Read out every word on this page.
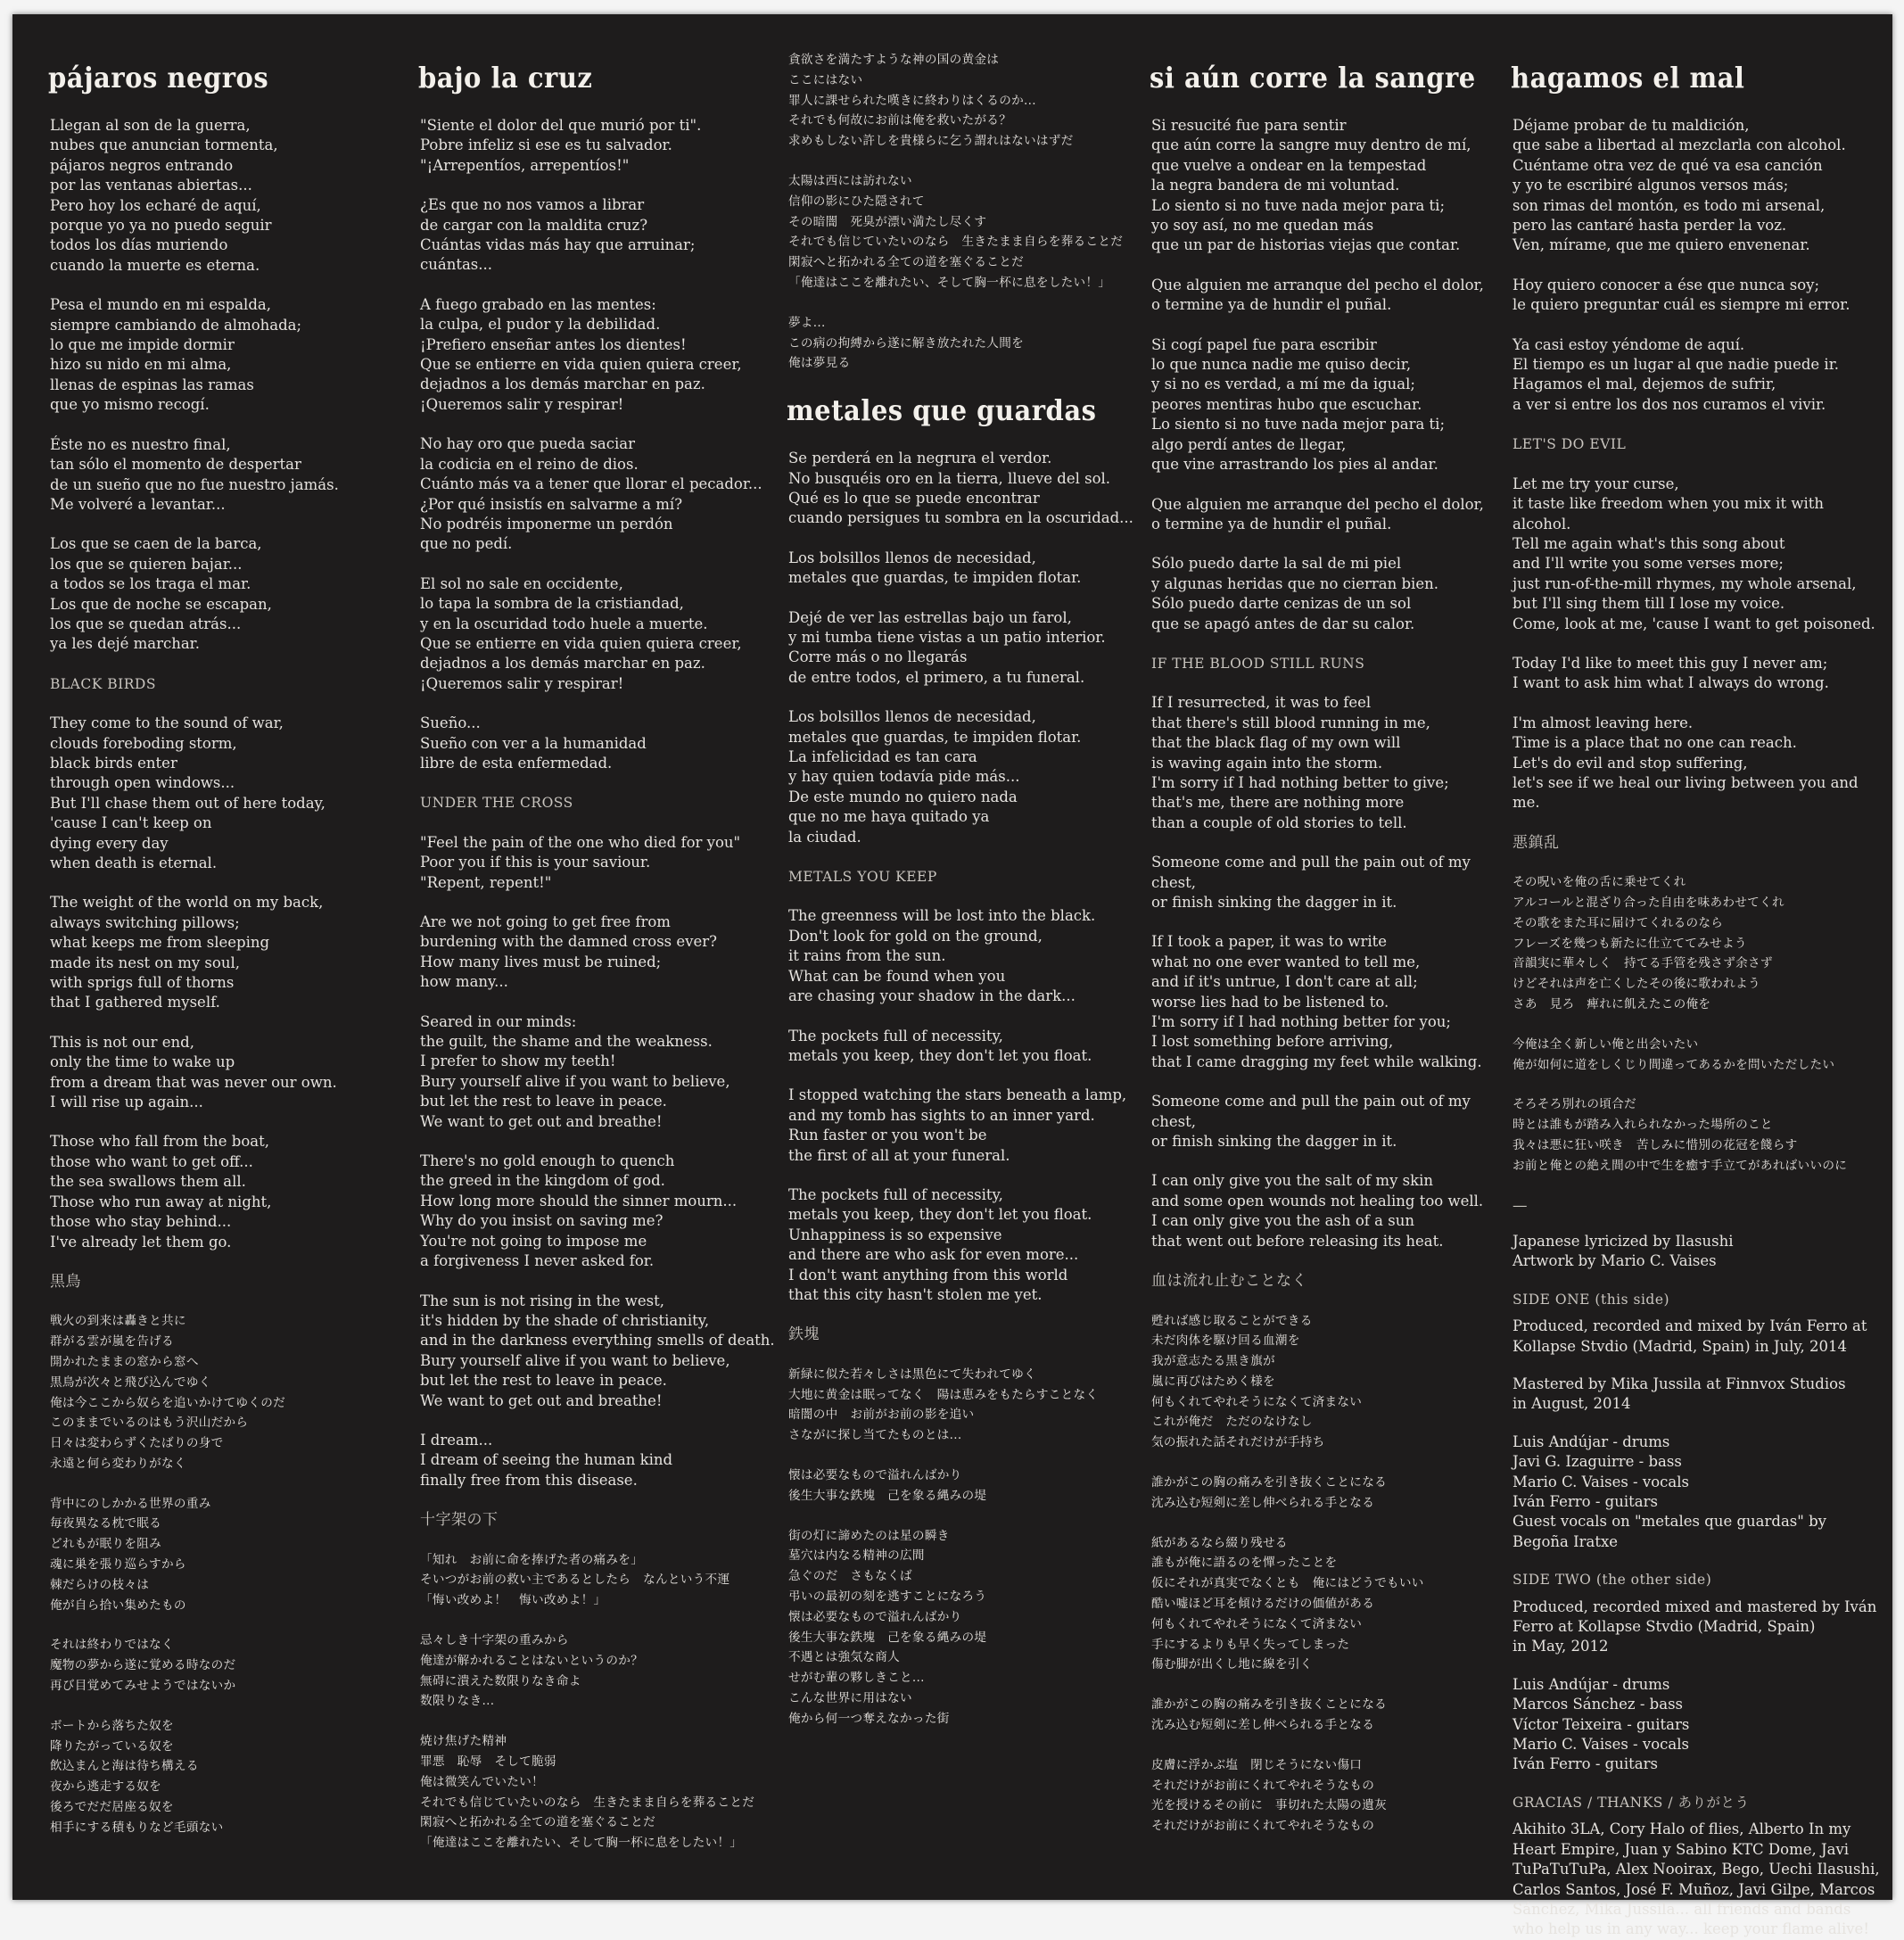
pájaros negros
Llegan al son de la guerra,
nubes que anuncian tormenta,
pájaros negros entrando
por las ventanas abiertas...
Pero hoy los echaré de aquí,
porque yo ya no puedo seguir
todos los días muriendo
cuando la muerte es eterna.
Pesa el mundo en mi espalda,
siempre cambiando de almohada;
lo que me impide dormir
hizo su nido en mi alma,
llenas de espinas las ramas
que yo mismo recogí.
Éste no es nuestro final,
tan sólo el momento de despertar
de un sueño que no fue nuestro jamás.
Me volveré a levantar...
Los que se caen de la barca,
los que se quieren bajar...
a todos se los traga el mar.
Los que de noche se escapan,
los que se quedan atrás...
ya les dejé marchar.
BLACK BIRDS
They come to the sound of war,
clouds foreboding storm,
black birds enter
through open windows...
But I'll chase them out of here today,
'cause I can't keep on
dying every day
when death is eternal.
The weight of the world on my back,
always switching pillows;
what keeps me from sleeping
made its nest on my soul,
with sprigs full of thorns
that I gathered myself.
This is not our end,
only the time to wake up
from a dream that was never our own.
I will rise up again...
Those who fall from the boat,
those who want to get off...
the sea swallows them all.
Those who run away at night,
those who stay behind...
I've already let them go.
黒鳥
戦火の到来は轟きと共に
群がる雲が嵐を告げる
開かれたままの窓から窓へ
黒鳥が次々と飛び込んでゆく
俺は今ここから奴らを追いかけてゆくのだ
このままでいるのはもう沢山だから
日々は変わらずくたばりの身で
永遠と何ら変わりがなく
背中にのしかかる世界の重み
毎夜異なる枕で眠る
どれもが眠りを阻み
魂に巣を張り巡らすから
棘だらけの枝々は
俺が自ら拾い集めたもの
それは終わりではなく
魔物の夢から遂に覚める時なのだ
再び目覚めてみせようではないか
ボートから落ちた奴を
降りたがっている奴を
飲込まんと海は待ち構える
夜から逃走する奴を
後ろでだだ居座る奴を
相手にする積もりなど毛頭ない
bajo la cruz
"Siente el dolor del que murió por ti".
Pobre infeliz si ese es tu salvador.
"¡Arrepentíos, arrepentíos!"
¿Es que no nos vamos a librar
de cargar con la maldita cruz?
Cuántas vidas más hay que arruinar;
cuántas...
A fuego grabado en las mentes:
la culpa, el pudor y la debilidad.
¡Prefiero enseñar antes los dientes!
Que se entierre en vida quien quiera creer,
dejadnos a los demás marchar en paz.
¡Queremos salir y respirar!
No hay oro que pueda saciar
la codicia en el reino de dios.
Cuánto más va a tener que llorar el pecador...
¿Por qué insistís en salvarme a mí?
No podréis imponerme un perdón
que no pedí.
El sol no sale en occidente,
lo tapa la sombra de la cristiandad,
y en la oscuridad todo huele a muerte.
Que se entierre en vida quien quiera creer,
dejadnos a los demás marchar en paz.
¡Queremos salir y respirar!
Sueño...
Sueño con ver a la humanidad
libre de esta enfermedad.
UNDER THE CROSS
"Feel the pain of the one who died for you"
Poor you if this is your saviour.
"Repent, repent!"
Are we not going to get free from
burdening with the damned cross ever?
How many lives must be ruined;
how many...
Seared in our minds:
the guilt, the shame and the weakness.
I prefer to show my teeth!
Bury yourself alive if you want to believe,
but let the rest to leave in peace.
We want to get out and breathe!
There's no gold enough to quench
the greed in the kingdom of god.
How long more should the sinner mourn...
Why do you insist on saving me?
You're not going to impose me
a forgiveness I never asked for.
The sun is not rising in the west,
it's hidden by the shade of christianity,
and in the darkness everything smells of death.
Bury yourself alive if you want to believe,
but let the rest to leave in peace.
We want to get out and breathe!
I dream...
I dream of seeing the human kind
finally free from this disease.
十字架の下
「知れ　お前に命を捧げた者の痛みを」
そいつがお前の救い主であるとしたら　なんという不運
「悔い改めよ！　悔い改めよ！」
忌々しき十字架の重みから
俺達が解かれることはないというのか？
無碍に潰えた数限りなき命よ
数限りなき...
焼け焦げた精神
罪悪　恥辱　そして脆弱
俺は微笑んでいたい！
それでも信じていたいのなら　生きたまま自らを葬ることだ
閑寂へと拓かれる全ての道を塞ぐることだ
「俺達はここを離れたい、そして胸一杯に息をしたい！」
貪欲さを満たすような神の国の黄金は
ここにはない
罪人に課せられた嘆きに終わりはくるのか...
それでも何故にお前は俺を救いたがる？
求めもしない許しを貴様らに乞う謂れはないはずだ
太陽は西には訪れない
信仰の影にひた隠されて
その暗闇　死臭が漂い満たし尽くす
それでも信じていたいのなら　生きたまま自らを葬ることだ
閑寂へと拓かれる全ての道を塞ぐることだ
「俺達はここを離れたい、そして胸一杯に息をしたい！」
夢よ...
この病の拘縛から遂に解き放たれた人間を
俺は夢見る
metales que guardas
Se perderá en la negrura el verdor.
No busquéis oro en la tierra, llueve del sol.
Qué es lo que se puede encontrar
cuando persigues tu sombra en la oscuridad...
Los bolsillos llenos de necesidad,
metales que guardas, te impiden flotar.
Dejé de ver las estrellas bajo un farol,
y mi tumba tiene vistas a un patio interior.
Corre más o no llegarás
de entre todos, el primero, a tu funeral.
Los bolsillos llenos de necesidad,
metales que guardas, te impiden flotar.
La infelicidad es tan cara
y hay quien todavía pide más...
De este mundo no quiero nada
que no me haya quitado ya
la ciudad.
METALS YOU KEEP
The greenness will be lost into the black.
Don't look for gold on the ground,
it rains from the sun.
What can be found when you
are chasing your shadow in the dark...
The pockets full of necessity,
metals you keep, they don't let you float.
I stopped watching the stars beneath a lamp,
and my tomb has sights to an inner yard.
Run faster or you won't be
the first of all at your funeral.
The pockets full of necessity,
metals you keep, they don't let you float.
Unhappiness is so expensive
and there are who ask for even more...
I don't want anything from this world
that this city hasn't stolen me yet.
鉄塊
新緑に似た若々しさは黒色にて失われてゆく
大地に黄金は眠ってなく　陽は恵みをもたらすことなく
暗闇の中　お前がお前の影を追い
さながに探し当てたものとは...
懐は必要なもので溢れんばかり
後生大事な鉄塊　己を象る縄みの堤
街の灯に諦めたのは星の瞬き
墓穴は内なる精神の広間
急ぐのだ　さもなくば
弔いの最初の刻を逃すことになろう
懐は必要なもので溢れんばかり
後生大事な鉄塊　己を象る縄みの堤
不遇とは強気な商人
せがむ輩の夥しきこと...
こんな世界に用はない
俺から何一つ奪えなかった街
si aún corre la sangre
Si resucité fue para sentir
que aún corre la sangre muy dentro de mí,
que vuelve a ondear en la tempestad
la negra bandera de mi voluntad.
Lo siento si no tuve nada mejor para ti;
yo soy así, no me quedan más
que un par de historias viejas que contar.
Que alguien me arranque del pecho el dolor,
o termine ya de hundir el puñal.
Si cogí papel fue para escribir
lo que nunca nadie me quiso decir,
y si no es verdad, a mí me da igual;
peores mentiras hubo que escuchar.
Lo siento si no tuve nada mejor para ti;
algo perdí antes de llegar,
que vine arrastrando los pies al andar.
Que alguien me arranque del pecho el dolor,
o termine ya de hundir el puñal.
Sólo puedo darte la sal de mi piel
y algunas heridas que no cierran bien.
Sólo puedo darte cenizas de un sol
que se apagó antes de dar su calor.
IF THE BLOOD STILL RUNS
If I resurrected, it was to feel
that there's still blood running in me,
that the black flag of my own will
is waving again into the storm.
I'm sorry if I had nothing better to give;
that's me, there are nothing more
than a couple of old stories to tell.
Someone come and pull the pain out of my chest,
or finish sinking the dagger in it.
If I took a paper, it was to write
what no one ever wanted to tell me,
and if it's untrue, I don't care at all;
worse lies had to be listened to.
I'm sorry if I had nothing better for you;
I lost something before arriving,
that I came dragging my feet while walking.
Someone come and pull the pain out of my chest,
or finish sinking the dagger in it.
I can only give you the salt of my skin
and some open wounds not healing too well.
I can only give you the ash of a sun
that went out before releasing its heat.
血は流れ止むことなく
甦れば感じ取ることができる
未だ肉体を駆け回る血潮を
我が意志たる黒き旗が
嵐に再びはためく様を
何もくれてやれそうになくて済まない
これが俺だ　ただのなけなし
気の振れた話それだけが手持ち
誰かがこの胸の痛みを引き抜くことになる
沈み込む短剣に差し伸べられる手となる
紙があるなら綴り残せる
誰もが俺に語るのを憚ったことを
仮にそれが真実でなくとも　俺にはどうでもいい
酷い嘘ほど耳を傾けるだけの価値がある
何もくれてやれそうになくて済まない
手にするよりも早く失ってしまった
傷む脚が出くし地に線を引く
誰かがこの胸の痛みを引き抜くことになる
沈み込む短剣に差し伸べられる手となる
皮膚に浮かぶ塩　閉じそうにない傷口
それだけがお前にくれてやれそうなもの
光を授けるその前に　事切れた太陽の遺灰
それだけがお前にくれてやれそうなもの
hagamos el mal
Déjame probar de tu maldición,
que sabe a libertad al mezclarla con alcohol.
Cuéntame otra vez de qué va esa canción
y yo te escribiré algunos versos más;
son rimas del montón, es todo mi arsenal,
pero las cantaré hasta perder la voz.
Ven, mírame, que me quiero envenenar.
Hoy quiero conocer a ése que nunca soy;
le quiero preguntar cuál es siempre mi error.
Ya casi estoy yéndome de aquí.
El tiempo es un lugar al que nadie puede ir.
Hagamos el mal, dejemos de sufrir,
a ver si entre los dos nos curamos el vivir.
LET'S DO EVIL
Let me try your curse,
it taste like freedom when you mix it with alcohol.
Tell me again what's this song about
and I'll write you some verses more;
just run-of-the-mill rhymes, my whole arsenal,
but I'll sing them till I lose my voice.
Come, look at me, 'cause I want to get poisoned.
Today I'd like to meet this guy I never am;
I want to ask him what I always do wrong.
I'm almost leaving here.
Time is a place that no one can reach.
Let's do evil and stop suffering,
let's see if we heal our living between you and me.
悪鎮乱
その呪いを俺の舌に乗せてくれ
アルコールと混ざり合った自由を味あわせてくれ
その歌をまた耳に届けてくれるのなら
フレーズを幾つも新たに仕立ててみせよう
音韻実に華々しく　持てる手管を残さず余さず
けどそれは声を亡くしたその後に歌われよう
さあ　見ろ　痺れに飢えたこの俺を
今俺は全く新しい俺と出会いたい
俺が如何に道をしくじり間違ってあるかを問いただしたい
そろそろ別れの頃合だ
時とは誰もが踏み入れられなかった場所のこと
我々は悪に狂い咲き　苦しみに惜別の花冠を餞らす
お前と俺との絶え間の中で生を癒す手立てがあればいいのに
—
Japanese lyricized by Ilasushi
Artwork by Mario C. Vaises
SIDE ONE (this side)
Produced, recorded and mixed by Iván Ferro at
Kollapse Stvdio (Madrid, Spain) in July, 2014
Mastered by Mika Jussila at Finnvox Studios
in August, 2014
Luis Andújar - drums
Javi G. Izaguirre - bass
Mario C. Vaises - vocals
Iván Ferro - guitars
Guest vocals on "metales que guardas" by
Begoña Iratxe
SIDE TWO (the other side)
Produced, recorded mixed and mastered by Iván
Ferro at Kollapse Stvdio (Madrid, Spain)
in May, 2012
Luis Andújar - drums
Marcos Sánchez - bass
Víctor Teixeira - guitars
Mario C. Vaises - vocals
Iván Ferro - guitars
GRACIAS / THANKS / ありがとう
Akihito 3LA, Cory Halo of flies, Alberto In my
Heart Empire, Juan y Sabino KTC Dome, Javi
TuPaTuTuPa, Alex Nooirax, Bego, Uechi Ilasushi,
Carlos Santos, José F. Muñoz, Javi Gilpe, Marcos
Sánchez, Mika Jussila... all friends and bands
who help us in any way... keep your flame alive!
